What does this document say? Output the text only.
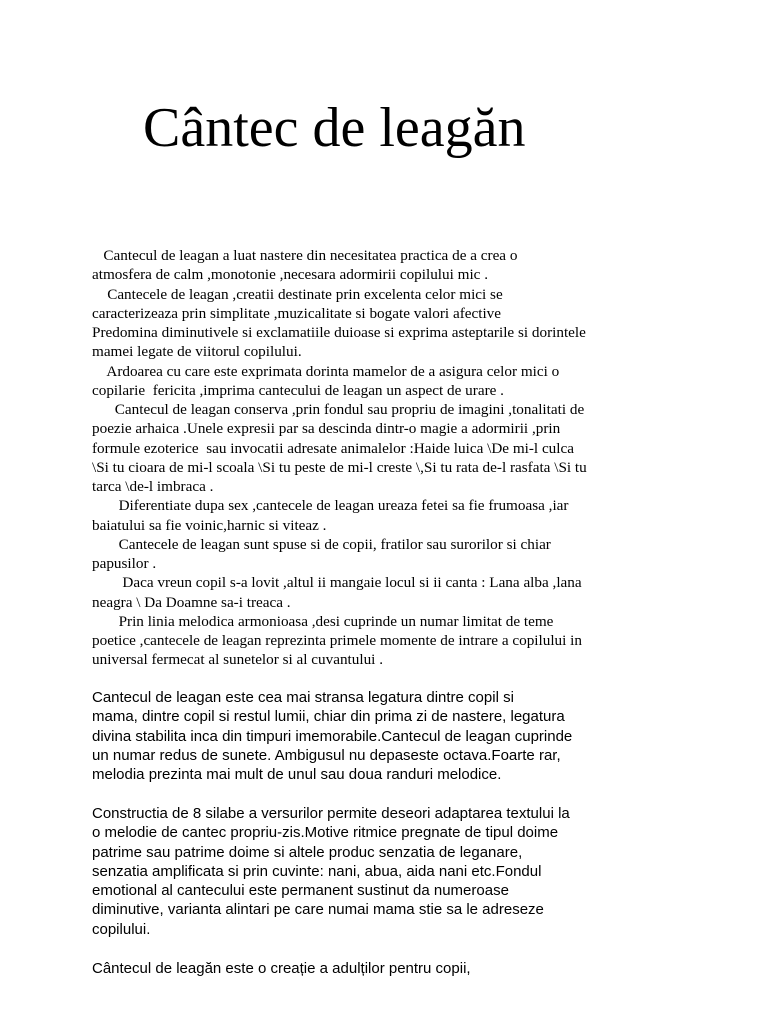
Cântec de leagăn
Cantecul de leagan a luat nastere din necesitatea practica de a crea o
atmosfera de calm ,monotonie ,necesara adormirii copilului mic .
Cantecele de leagan ,creatii destinate prin excelenta celor mici se
caracterizeaza prin simplitate ,muzicalitate si bogate valori afective
Predomina diminutivele si exclamatiile duioase si exprima asteptarile si dorintele
mamei legate de viitorul copilului.
Ardoarea cu care este exprimata dorinta mamelor de a asigura celor mici o
copilarie  fericita ,imprima cantecului de leagan un aspect de urare .
Cantecul de leagan conserva ,prin fondul sau propriu de imagini ,tonalitati de
poezie arhaica .Unele expresii par sa descinda dintr-o magie a adormirii ,prin
formule ezoterice  sau invocatii adresate animalelor :Haide luica \De mi-l culca
\Si tu cioara de mi-l scoala \Si tu peste de mi-l creste \,Si tu rata de-l rasfata \Si tu
tarca \de-l imbraca .
Diferentiate dupa sex ,cantecele de leagan ureaza fetei sa fie frumoasa ,iar
baiatului sa fie voinic,harnic si viteaz .
Cantecele de leagan sunt spuse si de copii, fratilor sau surorilor si chiar
papusilor .
Daca vreun copil s-a lovit ,altul ii mangaie locul si ii canta : Lana alba ,lana
neagra \ Da Doamne sa-i treaca .
Prin linia melodica armonioasa ,desi cuprinde un numar limitat de teme
poetice ,cantecele de leagan reprezinta primele momente de intrare a copilului in
universal fermecat al sunetelor si al cuvantului .
Cantecul de leagan este cea mai stransa legatura dintre copil si
mama, dintre copil si restul lumii, chiar din prima zi de nastere, legatura
divina stabilita inca din timpuri imemorabile.Cantecul de leagan cuprinde
un numar redus de sunete. Ambigusul nu depaseste octava.Foarte rar,
melodia prezinta mai mult de unul sau doua randuri melodice.
Constructia de 8 silabe a versurilor permite deseori adaptarea textului la
o melodie de cantec propriu-zis.Motive ritmice pregnate de tipul doime
patrime sau patrime doime si altele produc senzatia de leganare,
senzatia amplificata si prin cuvinte: nani, abua, aida nani etc.Fondul
emotional al cantecului este permanent sustinut da numeroase
diminutive, varianta alintari pe care numai mama stie sa le adreseze
copilului.
Cântecul de leagăn este o creație a adulților pentru copii,
